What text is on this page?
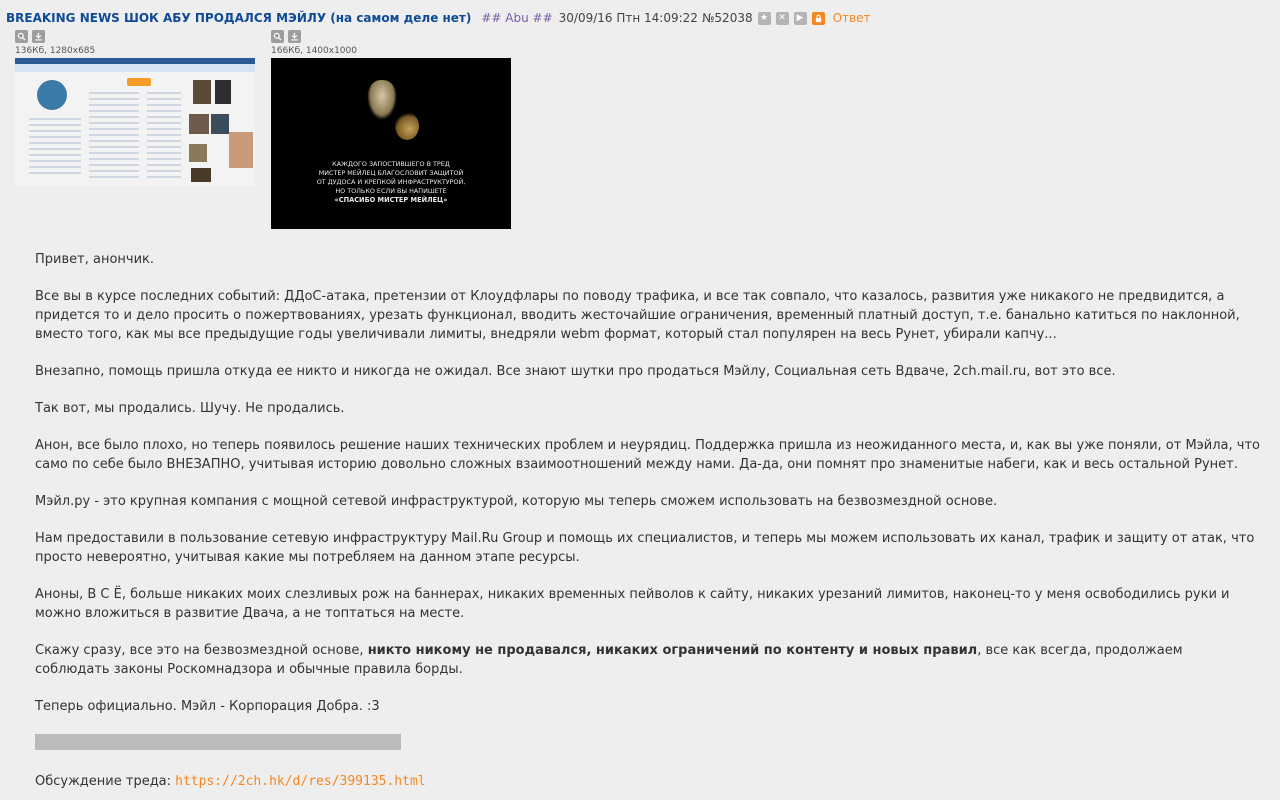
BREAKING NEWS ШОК АБУ ПРОДАЛСЯ МЭЙЛУ (на самом деле нет) ## Abu ## 30/09/16 Птн 14:09:22 №52038 ★	✕	▶ Ответ
136Кб, 1280x685	166Кб, 1400x1000
КАЖДОГО ЗАПОСТИВШЕГО В ТРЕД
МИСТЕР МЕЙЛЕЦ БЛАГОСЛОВИТ ЗАЩИТОЙ
ОТ ДУДОСА И КРЕПКОЙ ИНФРАСТРУКТУРОЙ,
НО ТОЛЬКО ЕСЛИ ВЫ НАПИШЕТЕ
«СПАСИБО МИСТЕР МЕЙЛЕЦ»

Привет, анончик.

Все вы в курсе последних событий: ДДоС-атака, претензии от Клоудфлары по поводу трафика, и все так совпало, что казалось, развития уже никакого не предвидится, а придется то и дело просить о пожертвованиях, урезать функционал, вводить жесточайшие ограничения, временный платный доступ, т.е. банально катиться по наклонной, вместо того, как мы все предыдущие годы увеличивали лимиты, внедряли webm формат, который стал популярен на весь Рунет, убирали капчу...

Внезапно, помощь пришла откуда ее никто и никогда не ожидал. Все знают шутки про продаться Мэйлу, Социальная сеть Вдваче, 2ch.mail.ru, вот это все.

Так вот, мы продались. Шучу. Не продались.

Анон, все было плохо, но теперь появилось решение наших технических проблем и неурядиц. Поддержка пришла из неожиданного места, и, как вы уже поняли, от Мэйла, что само по себе было ВНЕЗАПНО, учитывая историю довольно сложных взаимоотношений между нами. Да-да, они помнят про знаменитые набеги, как и весь остальной Рунет.

Мэйл.ру - это крупная компания с мощной сетевой инфраструктурой, которую мы теперь сможем использовать на безвозмездной основе.

Нам предоставили в пользование сетевую инфраструктуру Mail.Ru Group и помощь их специалистов, и теперь мы можем использовать их канал, трафик и защиту от атак, что просто невероятно, учитывая какие мы потребляем на данном этапе ресурсы.

Аноны, В С Ё, больше никаких моих слезливых рож на баннерах, никаких временных пейволов к сайту, никаких урезаний лимитов, наконец-то у меня освободились руки и можно вложиться в развитие Двача, а не топтаться на месте.

Скажу сразу, все это на безвозмездной основе, никто никому не продавался, никаких ограничений по контенту и новых правил, все как всегда, продолжаем соблюдать законы Роскомнадзора и обычные правила борды.

Теперь официально. Мэйл - Корпорация Добра. :3

Обсуждение треда: https://2ch.hk/d/res/399135.html
